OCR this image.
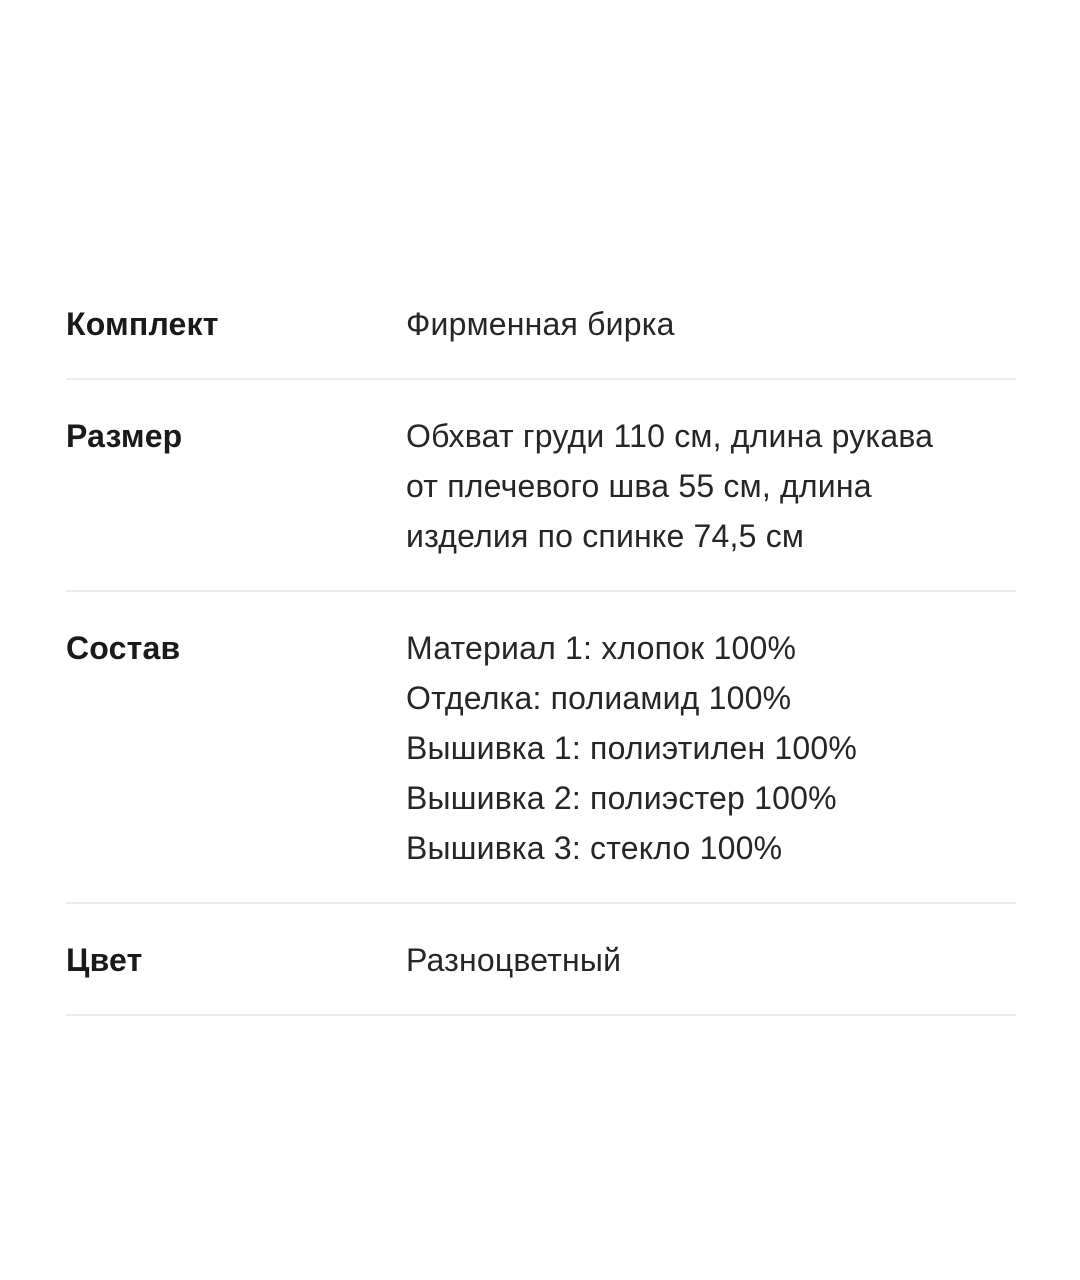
Комплект	Фирменная бирка
Размер	Обхват груди 110 см, длина рукава
от плечевого шва 55 см, длина
изделия по спинке 74,5 см
Состав	Материал 1: хлопок 100%
Отделка: полиамид 100%
Вышивка 1: полиэтилен 100%
Вышивка 2: полиэстер 100%
Вышивка 3: стекло 100%
Цвет	Разноцветный
